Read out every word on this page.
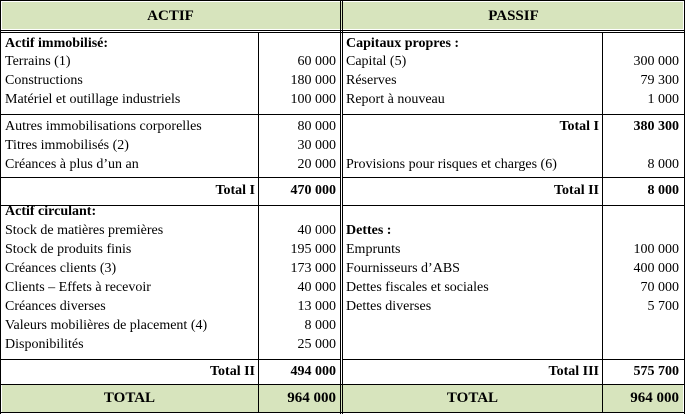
ACTIF	PASSIF
Actif immobilisé:
Terrains (1)	60 000
Constructions	180 000
Matériel et outillage industriels	100 000
Autres immobilisations corporelles	80 000
Titres immobilisés (2)	30 000
Créances à plus d’un an	20 000
Total I	470 000
Actif circulant:
Stock de matières premières	40 000
Stock de produits finis	195 000
Créances clients (3)	173 000
Clients – Effets à recevoir	40 000
Créances diverses	13 000
Valeurs mobilières de placement (4)	8 000
Disponibilités	25 000
Total II	494 000
TOTAL	964 000
Capitaux propres :
Capital (5)	300 000
Réserves	79 300
Report à nouveau	1 000
Total I	380 300
Provisions pour risques et charges (6)	8 000
Total II	8 000
Dettes :
Emprunts	100 000
Fournisseurs d’ABS	400 000
Dettes fiscales et sociales	70 000
Dettes diverses	5 700
Total III	575 700
TOTAL	964 000
